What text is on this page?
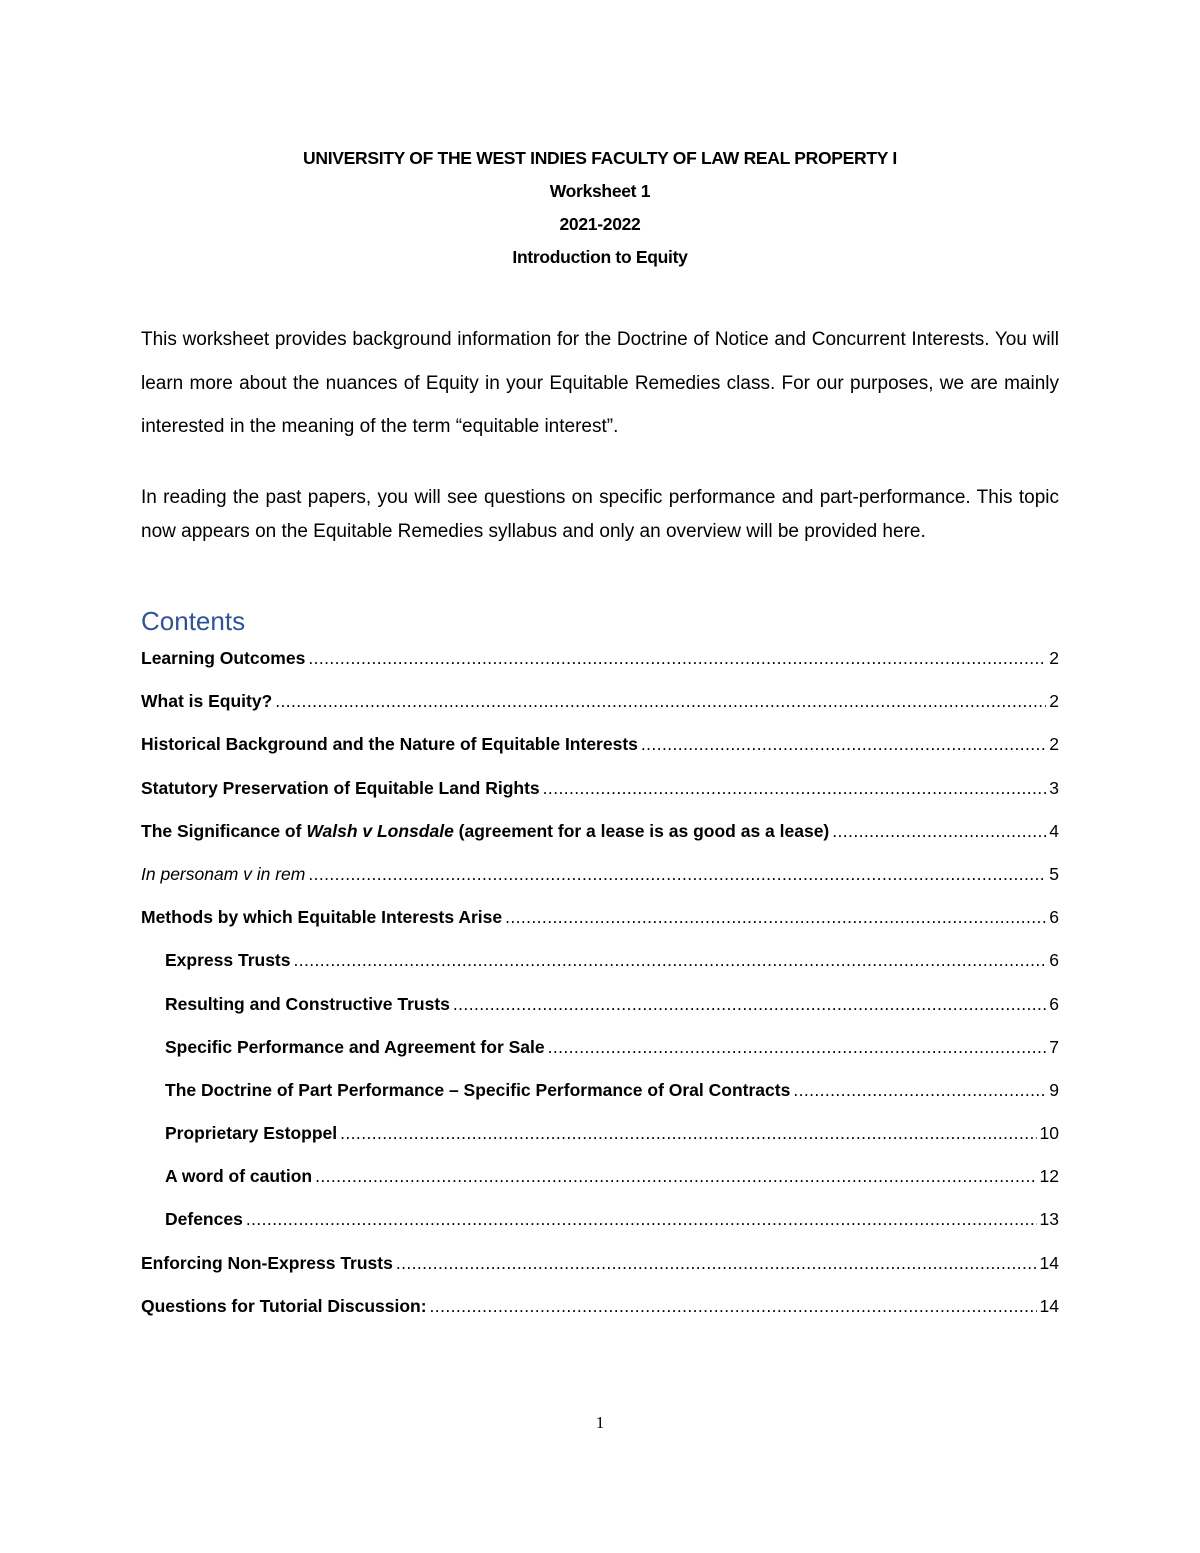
UNIVERSITY OF THE WEST INDIES FACULTY OF LAW REAL PROPERTY I
Worksheet 1
2021-2022
Introduction to Equity

This worksheet provides background information for the Doctrine of Notice and Concurrent Interests. You will learn more about the nuances of Equity in your Equitable Remedies class. For our purposes, we are mainly interested in the meaning of the term “equitable interest”.

In reading the past papers, you will see questions on specific performance and part-performance. This topic now appears on the Equitable Remedies syllabus and only an overview will be provided here.

Contents
Learning Outcomes .....	2
What is Equity? .....	2
Historical Background and the Nature of Equitable Interests .....	2
Statutory Preservation of Equitable Land Rights .....	3
The Significance of Walsh v Lonsdale (agreement for a lease is as good as a lease) .....	4
In personam v in rem .....	5
Methods by which Equitable Interests Arise .....	6
Express Trusts .....	6
Resulting and Constructive Trusts .....	6
Specific Performance and Agreement for Sale .....	7
The Doctrine of Part Performance – Specific Performance of Oral Contracts .....	9
Proprietary Estoppel .....	10
A word of caution .....	12
Defences .....	13
Enforcing Non-Express Trusts .....	14
Questions for Tutorial Discussion: .....	14
1
